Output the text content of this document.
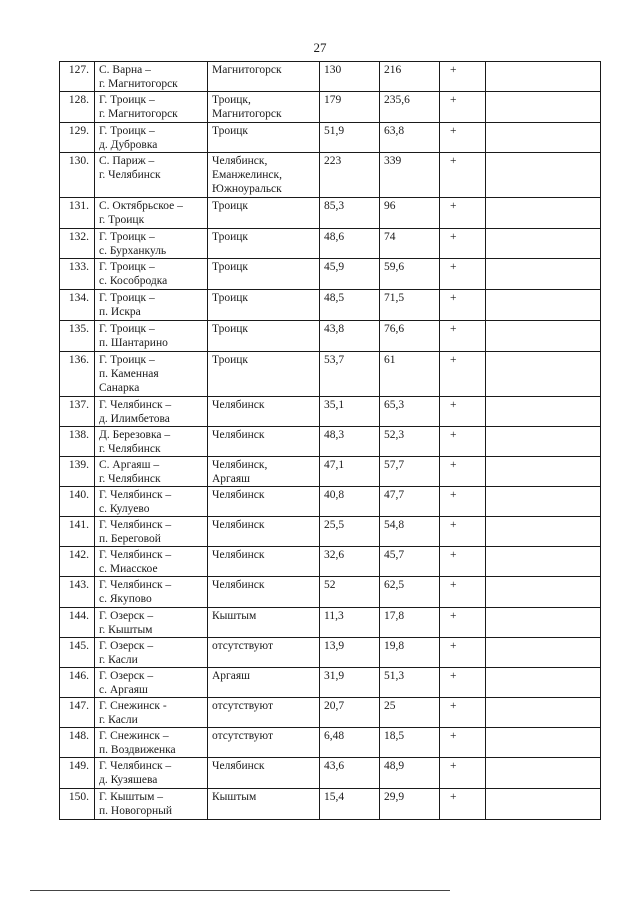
27
127.	С. Варна –
г. Магнитогорск	Магнитогорск	130	216	+	
128.	Г. Троицк –
г. Магнитогорск	Троицк,
Магнитогорск	179	235,6	+	
129.	Г. Троицк –
д. Дубровка	Троицк	51,9	63,8	+	
130.	С. Париж –
г. Челябинск	Челябинск,
Еманжелинск,
Южноуральск	223	339	+	
131.	С. Октябрьское –
г. Троицк	Троицк	85,3	96	+	
132.	Г. Троицк –
с. Бурханкуль	Троицк	48,6	74	+	
133.	Г. Троицк –
с. Кособродка	Троицк	45,9	59,6	+	
134.	Г. Троицк –
п. Искра	Троицк	48,5	71,5	+	
135.	Г. Троицк –
п. Шантарино	Троицк	43,8	76,6	+	
136.	Г. Троицк –
п. Каменная
Санарка	Троицк	53,7	61	+	
137.	Г. Челябинск –
д. Илимбетова	Челябинск	35,1	65,3	+	
138.	Д. Березовка –
г. Челябинск	Челябинск	48,3	52,3	+	
139.	С. Аргаяш –
г. Челябинск	Челябинск,
Аргаяш	47,1	57,7	+	
140.	Г. Челябинск –
с. Кулуево	Челябинск	40,8	47,7	+	
141.	Г. Челябинск –
п. Береговой	Челябинск	25,5	54,8	+	
142.	Г. Челябинск –
с. Миасское	Челябинск	32,6	45,7	+	
143.	Г. Челябинск –
с. Якупово	Челябинск	52	62,5	+	
144.	Г. Озерск –
г. Кыштым	Кыштым	11,3	17,8	+	
145.	Г. Озерск –
г. Касли	отсутствуют	13,9	19,8	+	
146.	Г. Озерск –
с. Аргаяш	Аргаяш	31,9	51,3	+	
147.	Г. Снежинск -
г. Касли	отсутствуют	20,7	25	+	
148.	Г. Снежинск –
п. Воздвиженка	отсутствуют	6,48	18,5	+	
149.	Г. Челябинск –
д. Кузяшева	Челябинск	43,6	48,9	+	
150.	Г. Кыштым –
п. Новогорный	Кыштым	15,4	29,9	+	
